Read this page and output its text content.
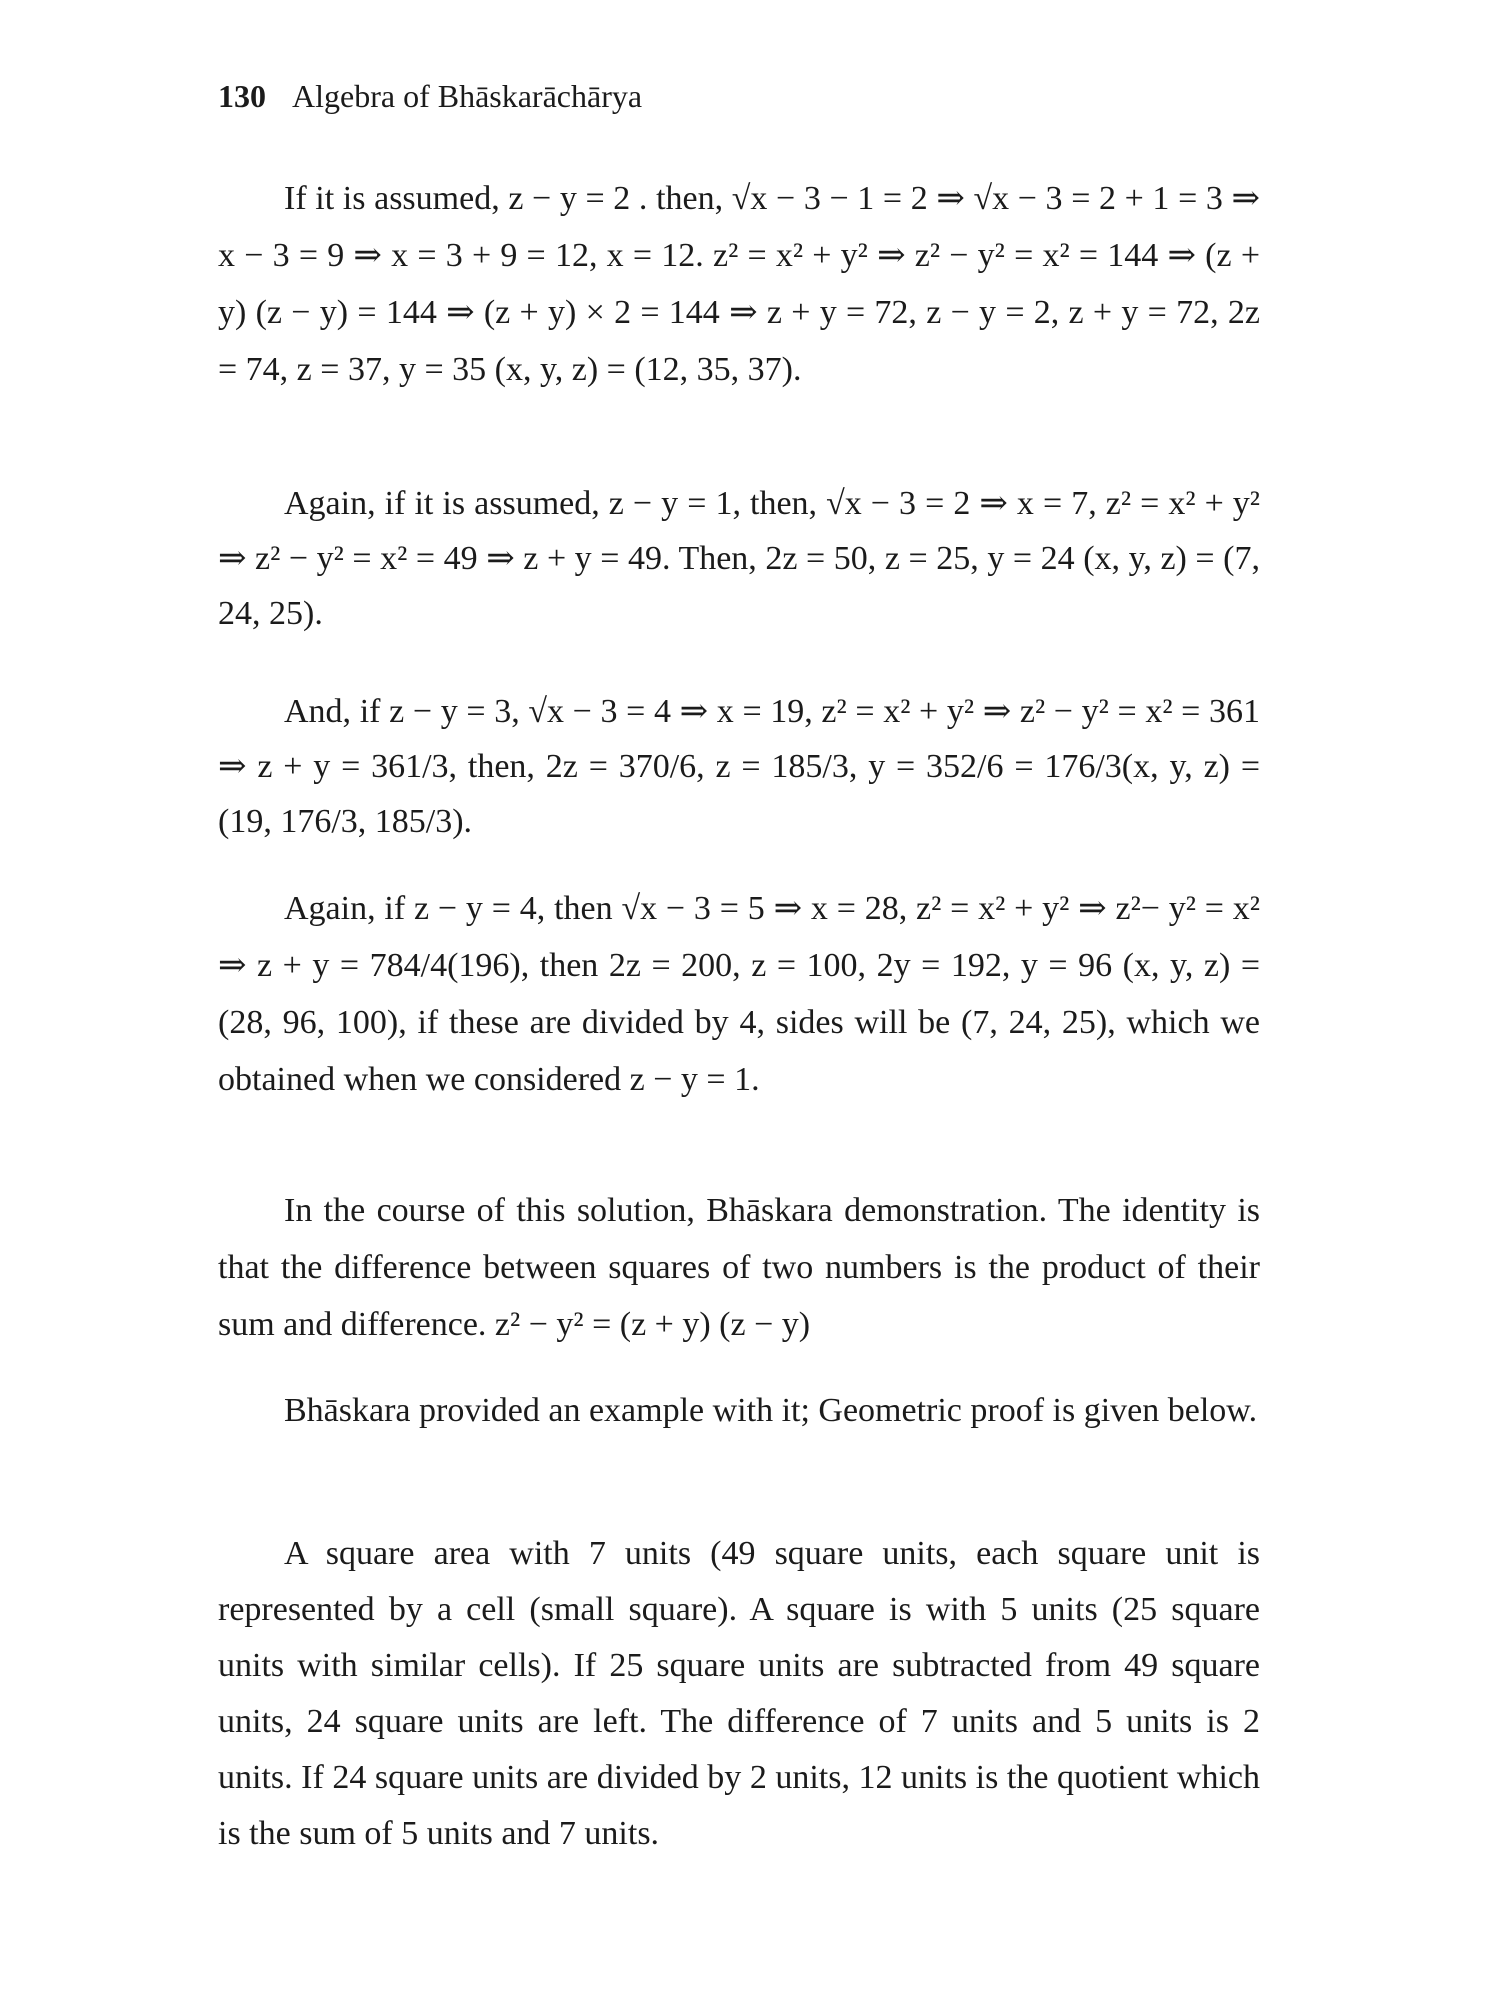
130 Algebra of Bhāskarāchārya

If it is assumed, z − y = 2 . then, √x − 3 − 1 = 2 ⇒ √x − 3 = 2 + 1 = 3 ⇒ x − 3 = 9 ⇒ x = 3 + 9 = 12, x = 12. z² = x² + y² ⇒ z² − y² = x² = 144 ⇒ (z + y) (z − y) = 144 ⇒ (z + y) × 2 = 144 ⇒ z + y = 72, z − y = 2, z + y = 72, 2z = 74, z = 37, y = 35 (x, y, z) = (12, 35, 37).

Again, if it is assumed, z − y = 1, then, √x − 3 = 2 ⇒ x = 7, z² = x² + y² ⇒ z² − y² = x² = 49 ⇒ z + y = 49. Then, 2z = 50, z = 25, y = 24 (x, y, z) = (7, 24, 25).

And, if z − y = 3, √x − 3 = 4 ⇒ x = 19, z² = x² + y² ⇒ z² − y² = x² = 361 ⇒ z + y = 361/3, then, 2z = 370/6, z = 185/3, y = 352/6 = 176/3(x, y, z) = (19, 176/3, 185/3).

Again, if z − y = 4, then √x − 3 = 5 ⇒ x = 28, z² = x² + y² ⇒ z²− y² = x² ⇒ z + y = 784/4(196), then 2z = 200, z = 100, 2y = 192, y = 96 (x, y, z) = (28, 96, 100), if these are divided by 4, sides will be (7, 24, 25), which we obtained when we considered z − y = 1.

In the course of this solution, Bhāskara demonstration. The identity is that the difference between squares of two numbers is the product of their sum and difference. z² − y² = (z + y) (z − y)

Bhāskara provided an example with it; Geometric proof is given below.

A square area with 7 units (49 square units, each square unit is represented by a cell (small square). A square is with 5 units (25 square units with similar cells). If 25 square units are subtracted from 49 square units, 24 square units are left. The difference of 7 units and 5 units is 2 units. If 24 square units are divided by 2 units, 12 units is the quotient which is the sum of 5 units and 7 units.
